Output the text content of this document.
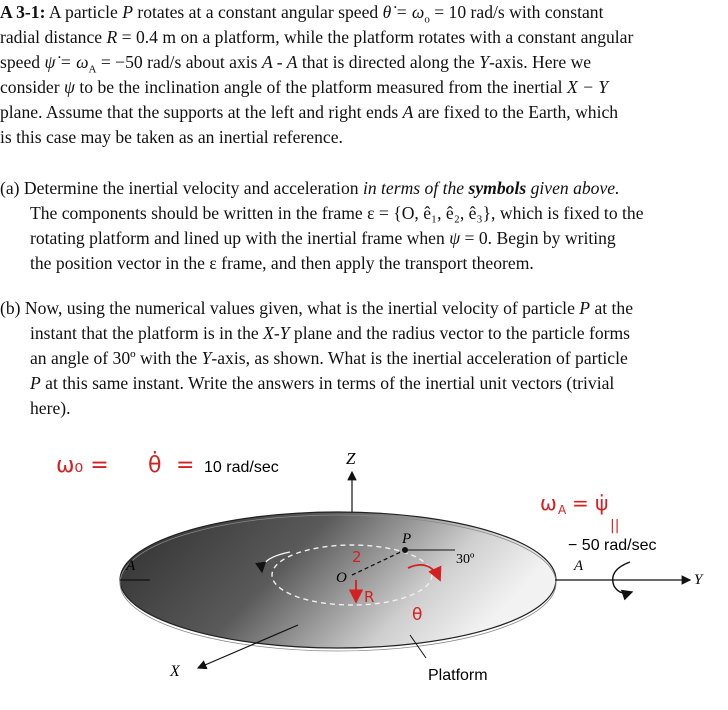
A 3-1: A particle P rotates at a constant angular speed θ̇ = $\omega_o = 10$ rad/s with constant
radial distance R = 0.4 m on a platform, while the platform rotates with a constant angular
speed ψ̇ = $\omega_A = -50$ rad/s about axis A - A that is directed along the Y-axis. Here we
consider ψ to be the inclination angle of the platform measured from the inertial X − Y
plane. Assume that the supports at the left and right ends A are fixed to the Earth, which
is this case may be taken as an inertial reference.
(a) Determine the inertial velocity and acceleration in terms of the symbols given above.
The components should be written in the frame ε = {O, ê₁, ê₂, ê₃}, which is fixed to the
rotating platform and lined up with the inertial frame when ψ = 0. Begin by writing
the position vector in the ε frame, and then apply the transport theorem.
(b) Now, using the numerical values given, what is the inertial velocity of particle P at the
instant that the platform is in the X-Y plane and the radius vector to the particle forms
an angle of 30º with the Y-axis, as shown. What is the inertial acceleration of particle
P at this same instant. Write the answers in terms of the inertial unit vectors (trivial
here).
Z
O
P
30º
2
R
θ
A	A
Y
X	Platform
ω₀ = θ̇ = 10 rad/sec
ω A = ψ̇
||
− 50 rad/sec
